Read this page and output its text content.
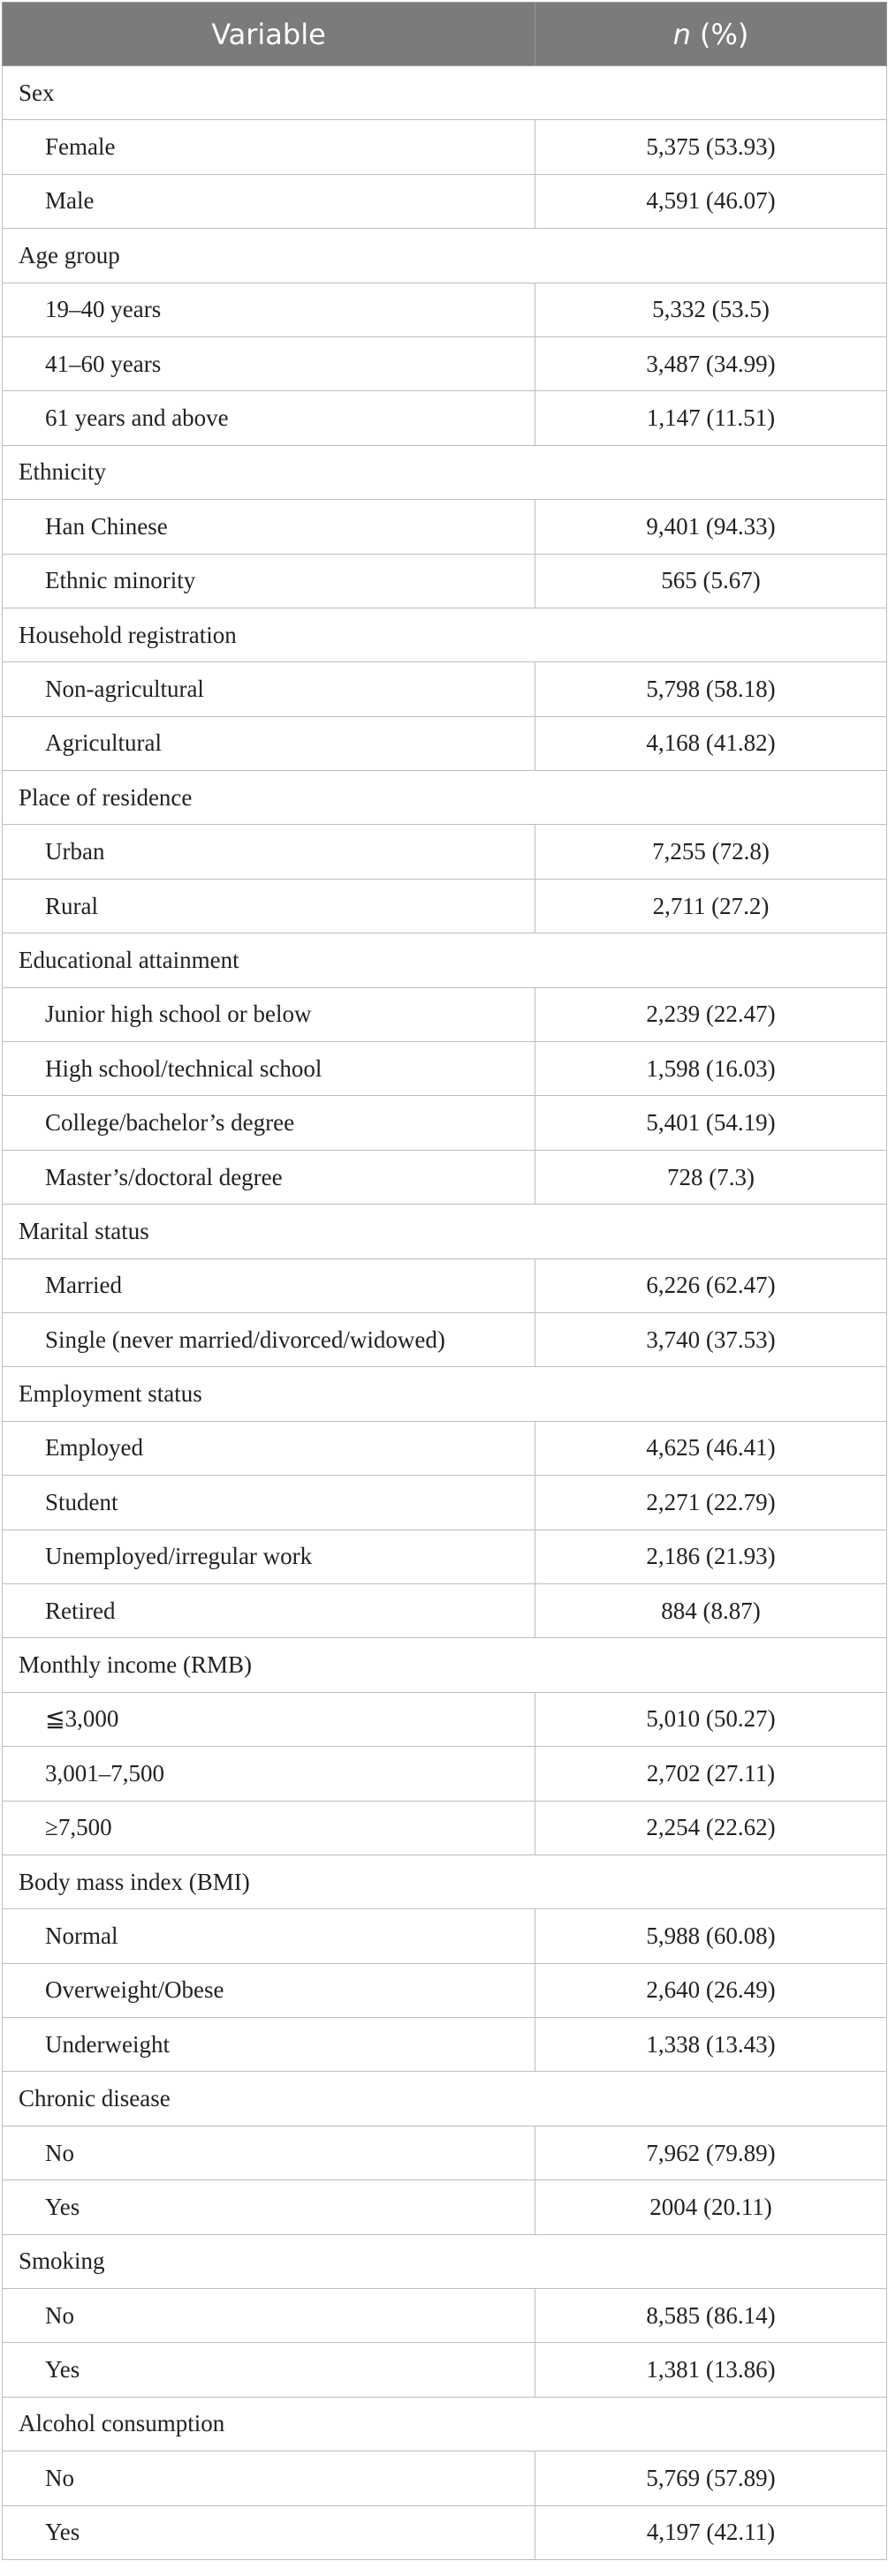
Variable	n (%)
Sex	
Female	5,375 (53.93)
Male	4,591 (46.07)
Age group	
19–40 years	5,332 (53.5)
41–60 years	3,487 (34.99)
61 years and above	1,147 (11.51)
Ethnicity	
Han Chinese	9,401 (94.33)
Ethnic minority	565 (5.67)
Household registration	
Non-agricultural	5,798 (58.18)
Agricultural	4,168 (41.82)
Place of residence	
Urban	7,255 (72.8)
Rural	2,711 (27.2)
Educational attainment	
Junior high school or below	2,239 (22.47)
High school/technical school	1,598 (16.03)
College/bachelor’s degree	5,401 (54.19)
Master’s/doctoral degree	728 (7.3)
Marital status	
Married	6,226 (62.47)
Single (never married/divorced/widowed)	3,740 (37.53)
Employment status	
Employed	4,625 (46.41)
Student	2,271 (22.79)
Unemployed/irregular work	2,186 (21.93)
Retired	884 (8.87)
Monthly income (RMB)	
≦3,000	5,010 (50.27)
3,001–7,500	2,702 (27.11)
≥7,500	2,254 (22.62)
Body mass index (BMI)	
Normal	5,988 (60.08)
Overweight/Obese	2,640 (26.49)
Underweight	1,338 (13.43)
Chronic disease	
No	7,962 (79.89)
Yes	2004 (20.11)
Smoking	
No	8,585 (86.14)
Yes	1,381 (13.86)
Alcohol consumption	
No	5,769 (57.89)
Yes	4,197 (42.11)
